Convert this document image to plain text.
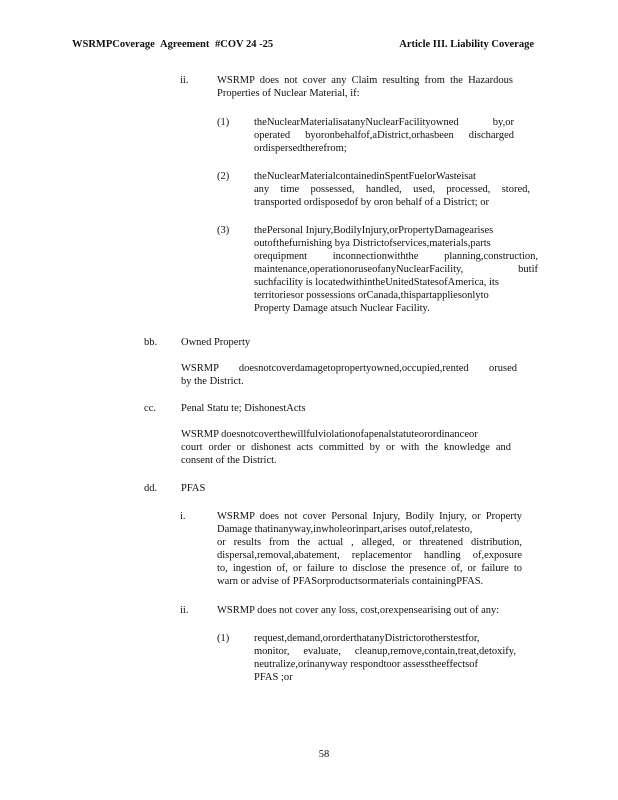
WSRMPCoverage Agreement #COV 24 -25	Article III. Liability Coverage
ii.	WSRMP does not cover any Claim resulting from the Hazardous
Properties of Nuclear Material, if:
(1) theNuclearMaterialisatanyNuclearFacilityowned by,or
operated byoronbehalfof,aDistrict,orhasbeen discharged
ordispersedtherefrom;
(2) theNuclearMaterialcontainedinSpentFuelorWasteisat
any time possessed, handled, used, processed, stored,
transported ordisposedof by oron behalf of a District; or
(3) thePersonal Injury,BodilyInjury,orPropertyDamagearises
outofthefurnishing bya Districtofservices,materials,parts
orequipment inconnectionwiththe planning,construction,
maintenance,operationoruseofanyNuclearFacility, butif
suchfacility is locatedwithintheUnitedStatesofAmerica, its
territoriesor possessions orCanada,thispartappliesonlyto
Property Damage atsuch Nuclear Facility.
bb. Owned Property
WSRMP doesnotcoverdamagetopropertyowned,occupied,rented orused
by the District.
cc. Penal Statu te; DishonestActs
WSRMP doesnotcoverthewillfulviolationofapenalstatuteorordinanceor
court order or dishonest acts committed by or with the knowledge and
consent of the District.
dd. PFAS
i.	WSRMP does not cover Personal Injury, Bodily Injury, or Property
Damage thatinanyway,inwholeorinpart,arises outof,relatesto,
or results from the actual , alleged, or threatened distribution,
dispersal,removal,abatement, replacementor handling of,exposure
to, ingestion of, or failure to disclose the presence of, or failure to
warn or advise of PFASorproductsormaterials containingPFAS.
ii.	WSRMP does not cover any loss, cost,orexpensearising out of any:
(1) request,demand,ororderthatanyDistrictorotherstestfor,
monitor, evaluate, cleanup,remove,contain,treat,detoxify,
neutralize,orinanyway respondtoor assesstheeffectsof
PFAS ;or
58
